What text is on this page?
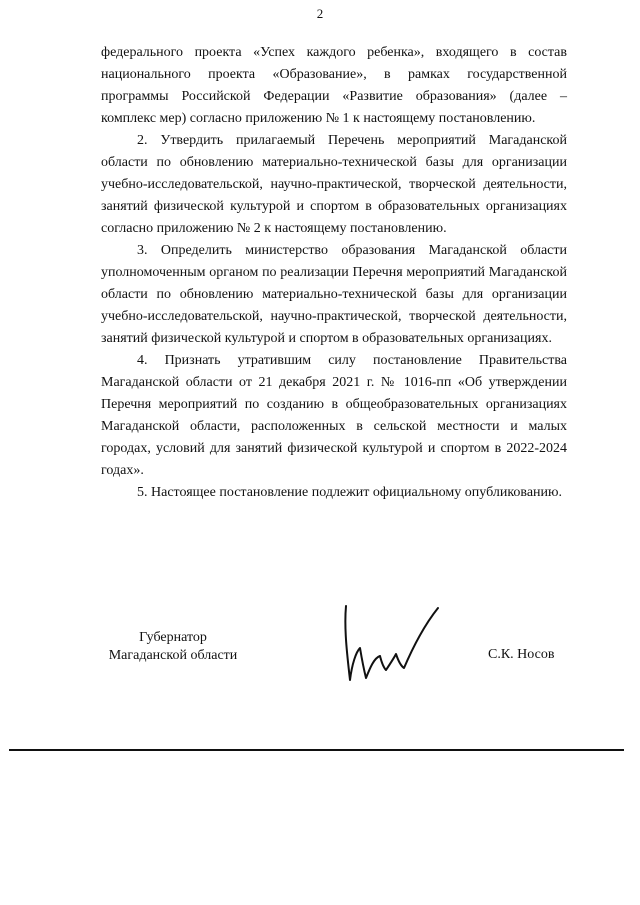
2

федерального проекта «Успех каждого ребенка», входящего в состав национального проекта «Образование», в рамках государственной программы Российской Федерации «Развитие образования» (далее – комплекс мер) согласно приложению № 1 к настоящему постановлению.

2. Утвердить прилагаемый Перечень мероприятий Магаданской области по обновлению материально-технической базы для организации учебно-исследовательской, научно-практической, творческой деятельности, занятий физической культурой и спортом в образовательных организациях согласно приложению № 2 к настоящему постановлению.

3. Определить министерство образования Магаданской области уполномоченным органом по реализации Перечня мероприятий Магаданской области по обновлению материально-технической базы для организации учебно-исследовательской, научно-практической, творческой деятельности, занятий физической культурой и спортом в образовательных организациях.

4. Признать утратившим силу постановление Правительства Магаданской области от 21 декабря 2021 г. № 1016-пп «Об утверждении Перечня мероприятий по созданию в общеобразовательных организациях Магаданской области, расположенных в сельской местности и малых городах, условий для занятий физической культурой и спортом в 2022-2024 годах».

5. Настоящее постановление подлежит официальному опубликованию.

Губернатор
Магаданской области	С.К. Носов
